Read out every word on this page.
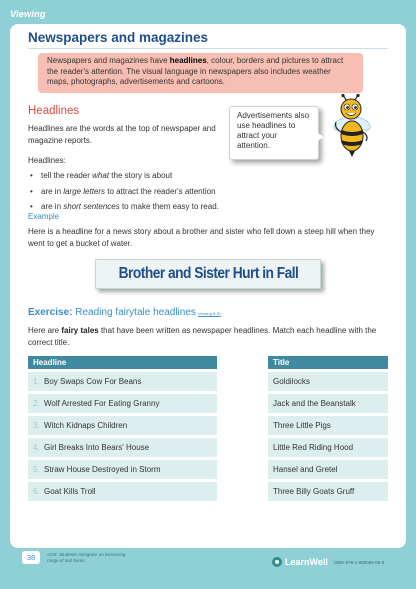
Viewing
Newspapers and magazines
Newspapers and magazines have headlines, colour, borders and pictures to attract the reader's attention. The visual language in newspapers also includes weather maps, photographs, advertisements and cartoons.
Headlines
Headlines are the words at the top of newspaper and magazine reports.
Headlines:
• tell the reader what the story is about
• are in large letters to attract the reader's attention
• are in short sentences to make them easy to read.
Example
Here is a headline for a news story about a brother and sister who fell down a steep hill when they went to get a bucket of water.
Advertisements also use headlines to attract your attention.
Brother and Sister Hurt in Fall
Exercise: Reading fairytale headlines Viewing & ID
Here are fairy tales that have been written as newspaper headlines. Match each headline with the correct title.
Headline
1. Boy Swaps Cow For Beans
2. Wolf Arrested For Eating Granny
3. Witch Kidnaps Children
4. Girl Breaks Into Bears' House
5. Straw House Destroyed in Storm
6. Goat Kills Troll
Title
Goldilocks
Jack and the Beanstalk
Three Little Pigs
Little Red Riding Hood
Hansel and Gretel
Three Billy Goats Gruff
38	AOE: Students recognise an increasing range of text forms.	LearnWell ISBN 978-1-990065-66-3
